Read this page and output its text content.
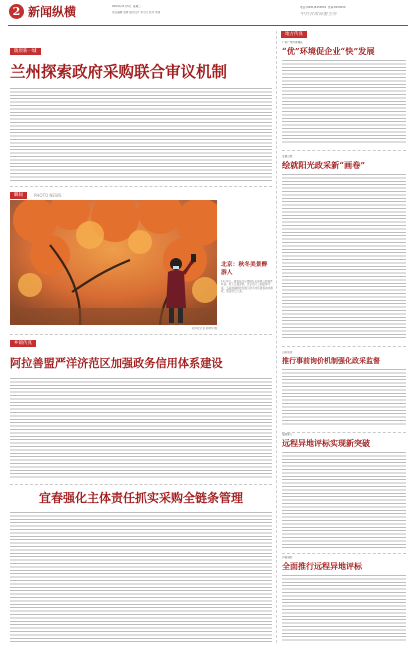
2 新闻纵横	2024年11月5日  星期二
责任编辑 张晓 版式设计 李小红 校对 刘伟
电话:(0931)8153052  传真:8153050
中共甘肃省委主办
陇原新一城
兰州探索政府采购联合审议机制
瞬间	PHOTO NEWS
北京：秋冬美景醉游人
11月4日，游客在北京奥林匹克森林公园观赏秋景。时下正值深秋，北京各大公园层林尽染，五彩斑斓的秋色吸引众多市民游客前来游玩，感受秋日之美。
新华社记者 陈晔华 摄
乡镇传真
阿拉善盟严洋济范区加强政务信用体系建设
宜春强化主体责任抓实采购全链条管理
地方传真
广东广州市黄埔区
“优”环境促企业“快”发展
安徽合肥
绘就阳光政采新“画卷”
山东东营
推行事前询价机制强化政采监督
福建厦门
远程异地评标实现新突破
河南南阳
全面推行远程异地评标
